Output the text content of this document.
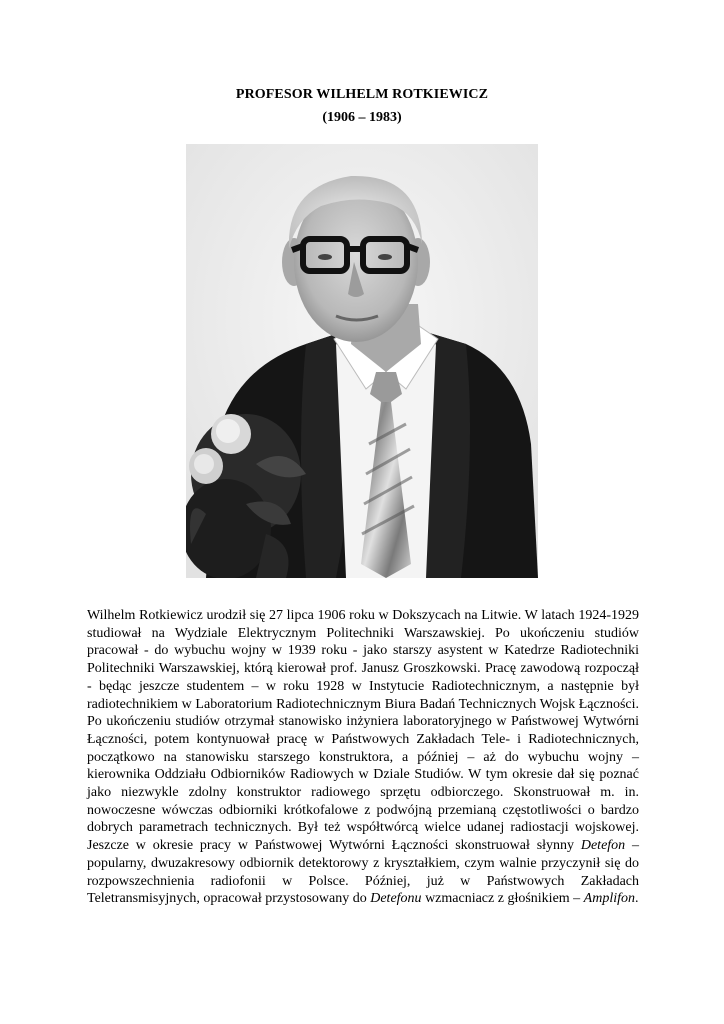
PROFESOR WILHELM ROTKIEWICZ
(1906 – 1983)

Wilhelm Rotkiewicz urodził się 27 lipca 1906 roku w Dokszycach na Litwie. W latach 1924-1929 studiował na Wydziale Elektrycznym Politechniki Warszawskiej. Po ukończeniu studiów pracował - do wybuchu wojny w 1939 roku - jako starszy asystent w Katedrze Radiotechniki Politechniki Warszawskiej, którą kierował prof. Janusz Groszkowski. Pracę zawodową rozpoczął - będąc jeszcze studentem – w roku 1928 w Instytucie Radiotechnicznym, a następnie był radiotechnikiem w Laboratorium Radiotechnicznym Biura Badań Technicznych Wojsk Łączności. Po ukończeniu studiów otrzymał stanowisko inżyniera laboratoryjnego w Państwowej Wytwórni Łączności, potem kontynuował pracę w Państwowych Zakładach Tele- i Radiotechnicznych, początkowo na stanowisku starszego konstruktora, a później – aż do wybuchu wojny – kierownika Oddziału Odbiorników Radiowych w Dziale Studiów. W tym okresie dał się poznać jako niezwykle zdolny konstruktor radiowego sprzętu odbiorczego. Skonstruował m. in. nowoczesne wówczas odbiorniki krótkofalowe z podwójną przemianą częstotliwości o bardzo dobrych parametrach technicznych. Był też współtwórcą wielce udanej radiostacji wojskowej. Jeszcze w okresie pracy w Państwowej Wytwórni Łączności skonstruował słynny Detefon – popularny, dwuzakresowy odbiornik detektorowy z kryształkiem, czym walnie przyczynił się do rozpowszechnienia radiofonii w Polsce. Później, już w Państwowych Zakładach Teletransmisyjnych, opracował przystosowany do Detefonu wzmacniacz z głośnikiem – Amplifon.
